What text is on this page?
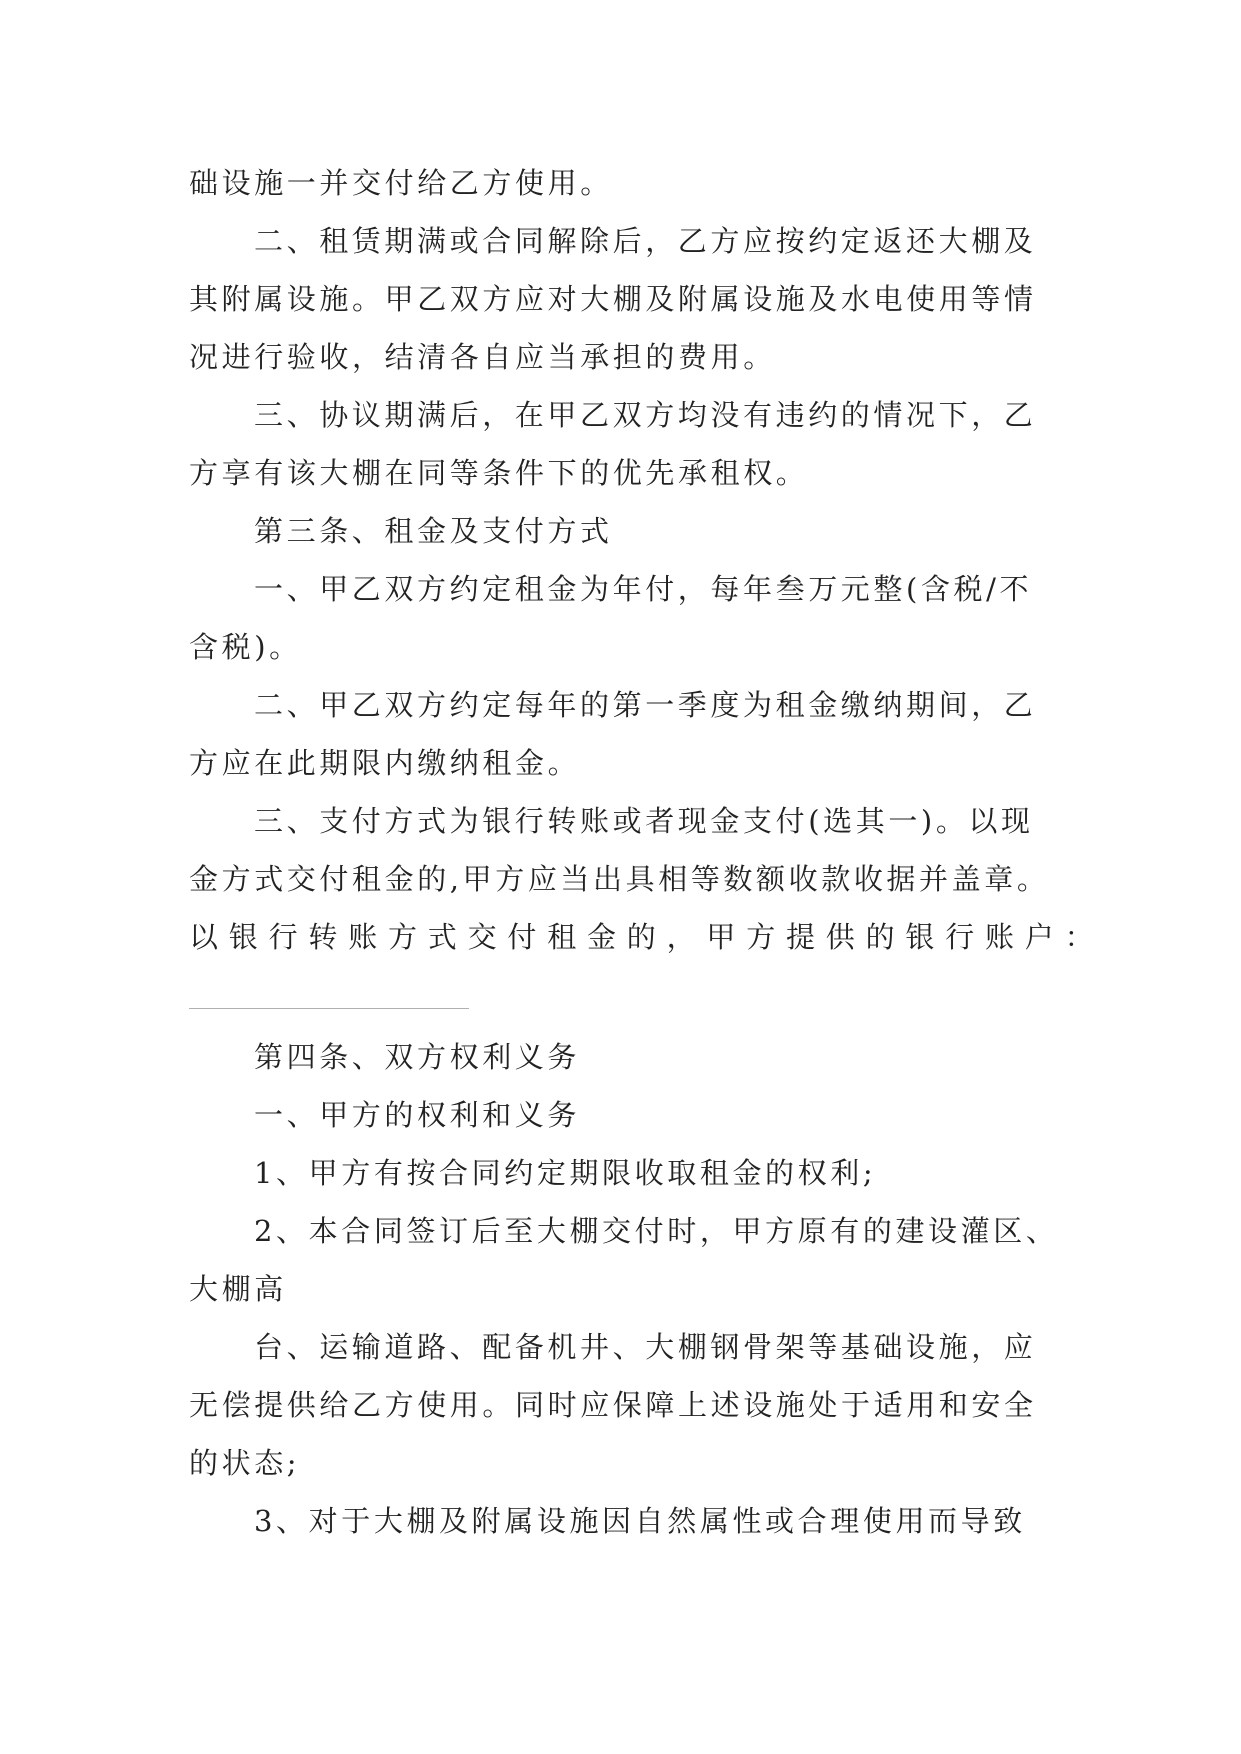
础设施一并交付给乙方使用。
二、租赁期满或合同解除后，乙方应按约定返还大棚及
其附属设施。甲乙双方应对大棚及附属设施及水电使用等情
况进行验收，结清各自应当承担的费用。
三、协议期满后，在甲乙双方均没有违约的情况下，乙
方享有该大棚在同等条件下的优先承租权。
第三条、租金及支付方式
一、甲乙双方约定租金为年付，每年叁万元整(含税/不
含税)。
二、甲乙双方约定每年的第一季度为租金缴纳期间，乙
方应在此期限内缴纳租金。
三、支付方式为银行转账或者现金支付(选其一)。以现
金方式交付租金的,甲方应当出具相等数额收款收据并盖章。
以银行转账方式交付租金的，甲方提供的银行账户：
第四条、双方权利义务
一、甲方的权利和义务
1、甲方有按合同约定期限收取租金的权利;
2、本合同签订后至大棚交付时，甲方原有的建设灌区、
大棚高
台、运输道路、配备机井、大棚钢骨架等基础设施，应
无偿提供给乙方使用。同时应保障上述设施处于适用和安全
的状态;
3、对于大棚及附属设施因自然属性或合理使用而导致
